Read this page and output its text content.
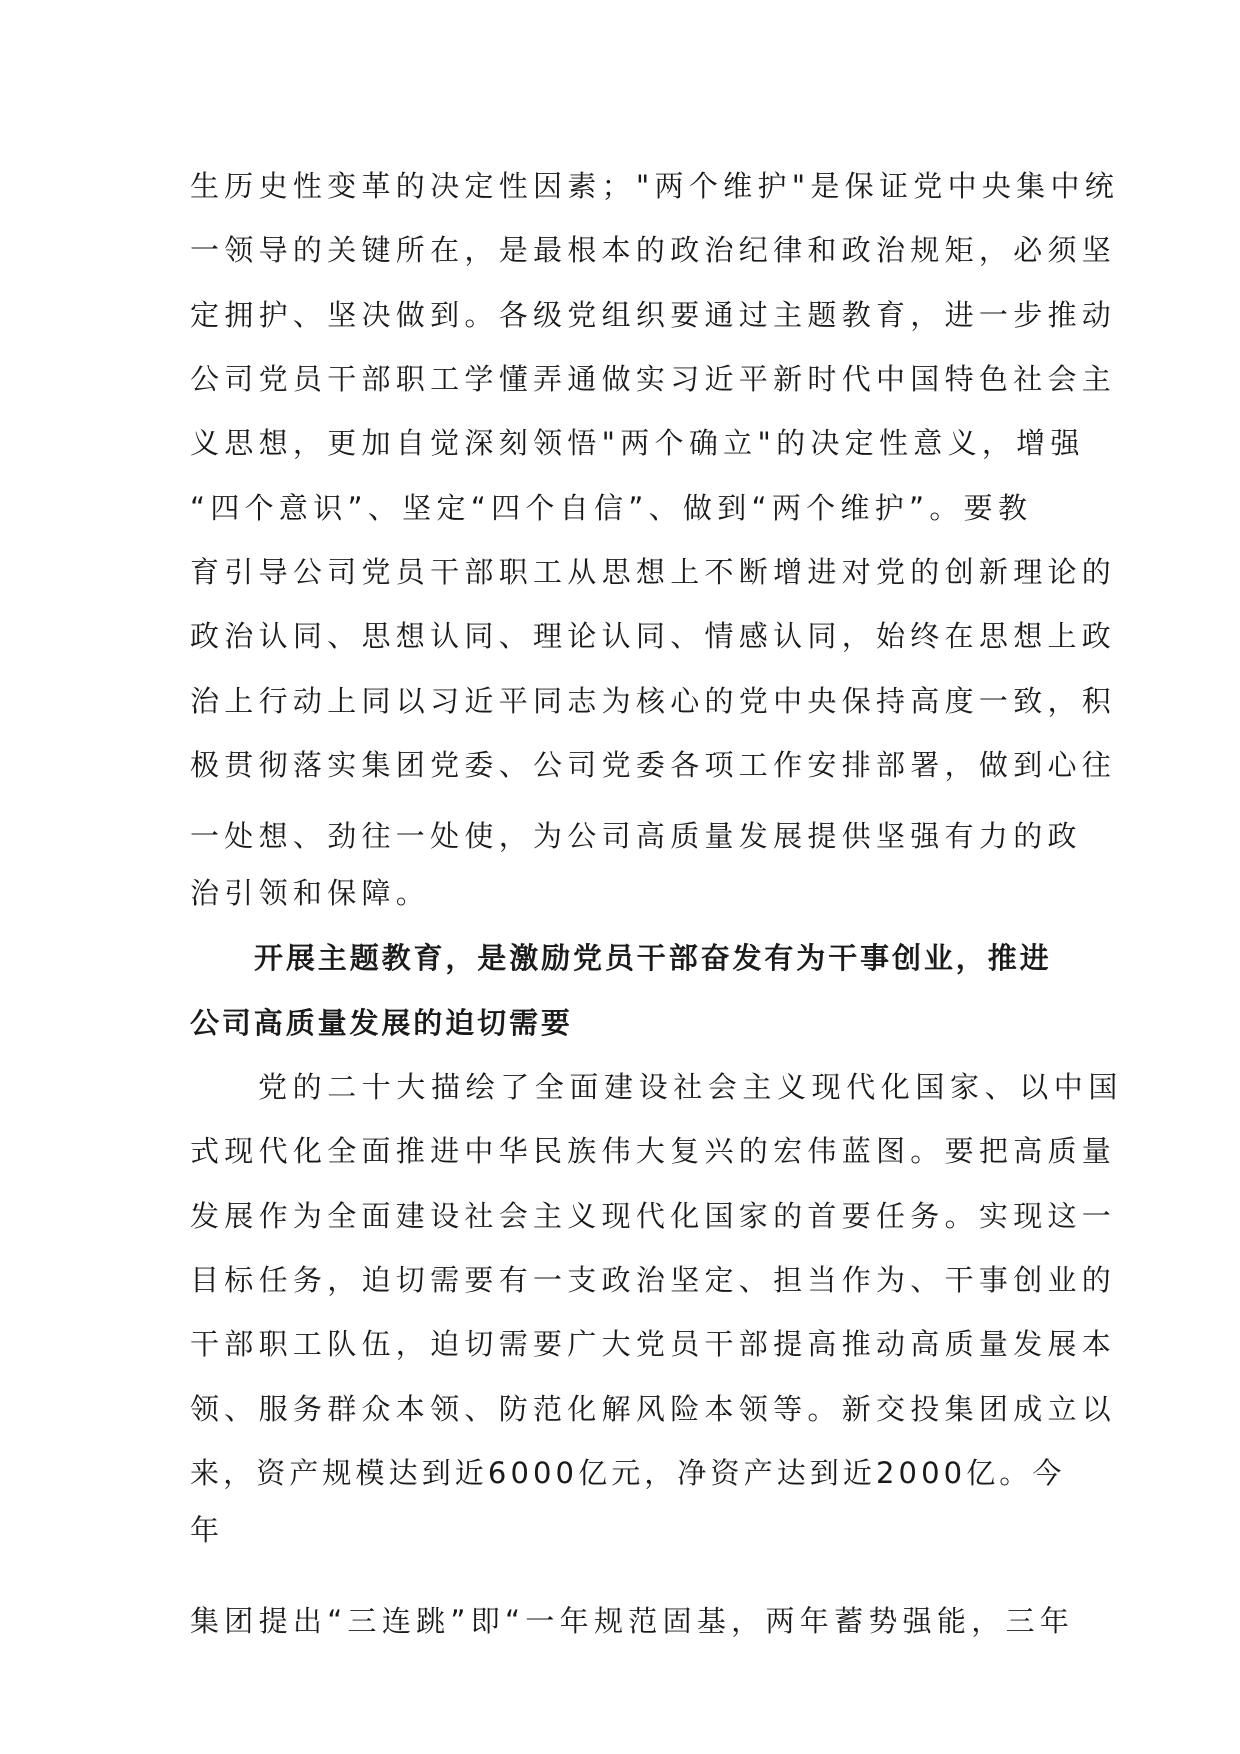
生历史性变革的决定性因素；"两个维护"是保证党中央集中统
一领导的关键所在，是最根本的政治纪律和政治规矩，必须坚
定拥护、坚决做到。各级党组织要通过主题教育，进一步推动
公司党员干部职工学懂弄通做实习近平新时代中国特色社会主
义思想，更加自觉深刻领悟"两个确立"的决定性意义，增强
“四个意识”、坚定“四个自信”、做到“两个维护”。要教
育引导公司党员干部职工从思想上不断增进对党的创新理论的
政治认同、思想认同、理论认同、情感认同，始终在思想上政
治上行动上同以习近平同志为核心的党中央保持高度一致，积
极贯彻落实集团党委、公司党委各项工作安排部署，做到心往
一处想、劲往一处使，为公司高质量发展提供坚强有力的政
治引领和保障。
开展主题教育，是激励党员干部奋发有为干事创业，推进
公司高质量发展的迫切需要
党的二十大描绘了全面建设社会主义现代化国家、以中国
式现代化全面推进中华民族伟大复兴的宏伟蓝图。要把高质量
发展作为全面建设社会主义现代化国家的首要任务。实现这一
目标任务，迫切需要有一支政治坚定、担当作为、干事创业的
干部职工队伍，迫切需要广大党员干部提高推动高质量发展本
领、服务群众本领、防范化解风险本领等。新交投集团成立以
来，资产规模达到近6000亿元，净资产达到近2000亿。今
年
集团提出“三连跳”即“一年规范固基，两年蓄势强能，三年
